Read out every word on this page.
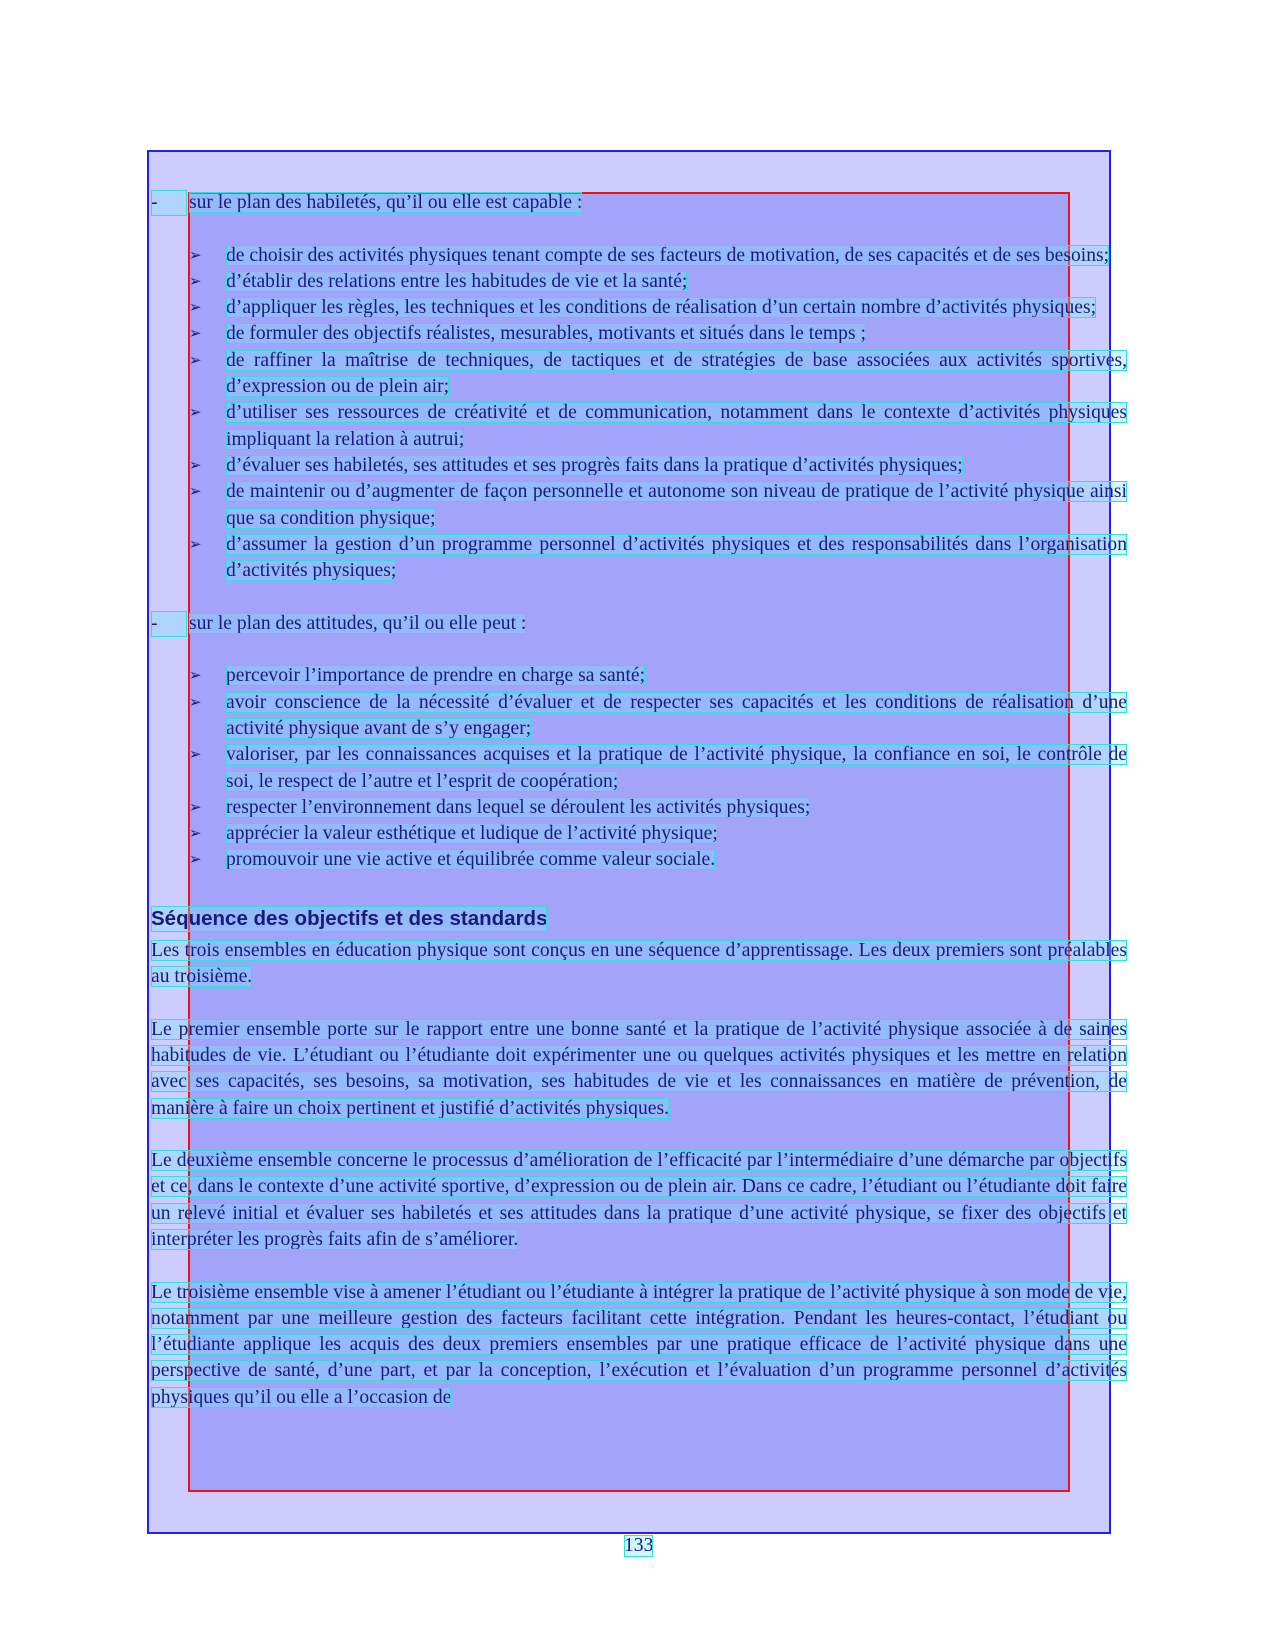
-	sur le plan des habiletés, qu’il ou elle est capable :

➢	de choisir des activités physiques tenant compte de ses facteurs de motivation, de ses capacités et de ses besoins;
➢	d’établir des relations entre les habitudes de vie et la santé;
➢	d’appliquer les règles, les techniques et les conditions de réalisation d’un certain nombre d’activités physiques;
➢	de formuler des objectifs réalistes, mesurables, motivants et situés dans le temps ;
➢	de raffiner la maîtrise de techniques, de tactiques et de stratégies de base associées aux activités sportives, d’expression ou de plein air;
➢	d’utiliser ses ressources de créativité et de communication, notamment dans le contexte d’activités physiques impliquant la relation à autrui;
➢	d’évaluer ses habiletés, ses attitudes et ses progrès faits dans la pratique d’activités physiques;
➢	de maintenir ou d’augmenter de façon personnelle et autonome son niveau de pratique de l’activité physique ainsi que sa condition physique;
➢	d’assumer la gestion d’un programme personnel d’activités physiques et des responsabilités dans l’organisation d’activités physiques;

-	sur le plan des attitudes, qu’il ou elle peut :

➢	percevoir l’importance de prendre en charge sa santé;
➢	avoir conscience de la nécessité d’évaluer et de respecter ses capacités et les conditions de réalisation d’une activité physique avant de s’y engager;
➢	valoriser, par les connaissances acquises et la pratique de l’activité physique, la confiance en soi, le contrôle de soi, le respect de l’autre et l’esprit de coopération;
➢	respecter l’environnement dans lequel se déroulent les activités physiques;
➢	apprécier la valeur esthétique et ludique de l’activité physique;
➢	promouvoir une vie active et équilibrée comme valeur sociale.
Séquence des objectifs et des standards

Les trois ensembles en éducation physique sont conçus en une séquence d’apprentissage. Les deux premiers sont préalables au troisième.

Le premier ensemble porte sur le rapport entre une bonne santé et la pratique de l’activité physique associée à de saines habitudes de vie. L’étudiant ou l’étudiante doit expérimenter une ou quelques activités physiques et les mettre en relation avec ses capacités, ses besoins, sa motivation, ses habitudes de vie et les connaissances en matière de prévention, de manière à faire un choix pertinent et justifié d’activités physiques.

Le deuxième ensemble concerne le processus d’amélioration de l’efficacité par l’intermédiaire d’une démarche par objectifs et ce, dans le contexte d’une activité sportive, d’expression ou de plein air. Dans ce cadre, l’étudiant ou l’étudiante doit faire un relevé initial et évaluer ses habiletés et ses attitudes dans la pratique d’une activité physique, se fixer des objectifs et interpréter les progrès faits afin de s’améliorer.

Le troisième ensemble vise à amener l’étudiant ou l’étudiante à intégrer la pratique de l’activité physique à son mode de vie, notamment par une meilleure gestion des facteurs facilitant cette intégration. Pendant les heures-contact, l’étudiant ou l’étudiante applique les acquis des deux premiers ensembles par une pratique efficace de l’activité physique dans une perspective de santé, d’une part, et par la conception, l’exécution et l’évaluation d’un programme personnel d’activités physiques qu’il ou elle a l’occasion de

133
